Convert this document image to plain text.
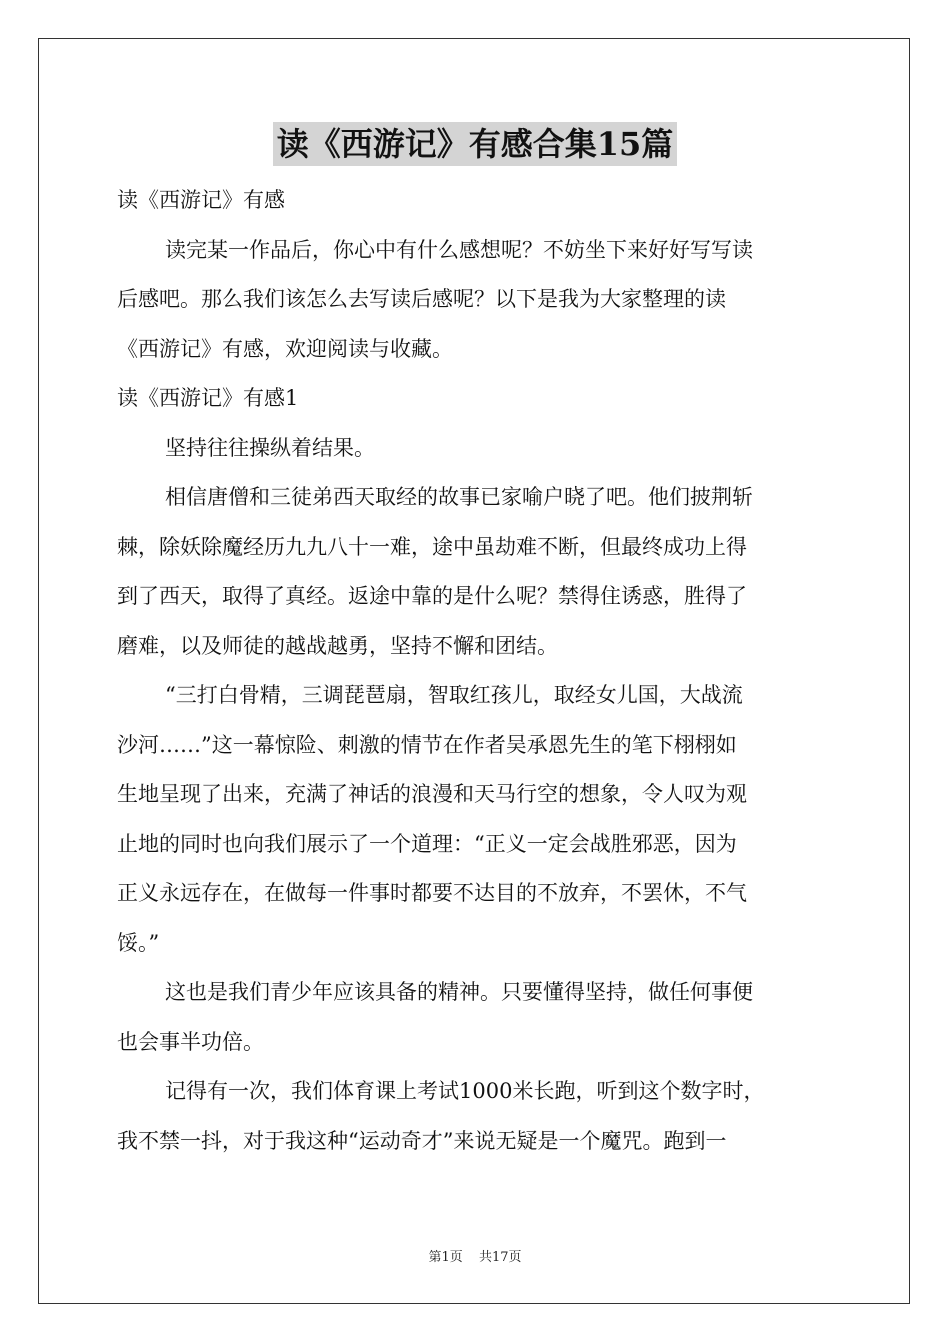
读《西游记》有感合集15篇
读《西游记》有感
读完某一作品后，你心中有什么感想呢？不妨坐下来好好写写读
后感吧。那么我们该怎么去写读后感呢？以下是我为大家整理的读
《西游记》有感，欢迎阅读与收藏。
读《西游记》有感1
坚持往往操纵着结果。
相信唐僧和三徒弟西天取经的故事已家喻户晓了吧。他们披荆斩
棘，除妖除魔经历九九八十一难，途中虽劫难不断，但最终成功上得
到了西天，取得了真经。返途中靠的是什么呢？禁得住诱惑，胜得了
磨难，以及师徒的越战越勇，坚持不懈和团结。
“三打白骨精，三调琵琶扇，智取红孩儿，取经女儿国，大战流
沙河……”这一幕惊险、刺激的情节在作者吴承恩先生的笔下栩栩如
生地呈现了出来，充满了神话的浪漫和天马行空的想象，令人叹为观
止地的同时也向我们展示了一个道理：“正义一定会战胜邪恶，因为
正义永远存在，在做每一件事时都要不达目的不放弃，不罢休，不气
馁。”
这也是我们青少年应该具备的精神。只要懂得坚持，做任何事便
也会事半功倍。
记得有一次，我们体育课上考试1000米长跑，听到这个数字时，
我不禁一抖，对于我这种“运动奇才”来说无疑是一个魔咒。跑到一
第1页 共17页
